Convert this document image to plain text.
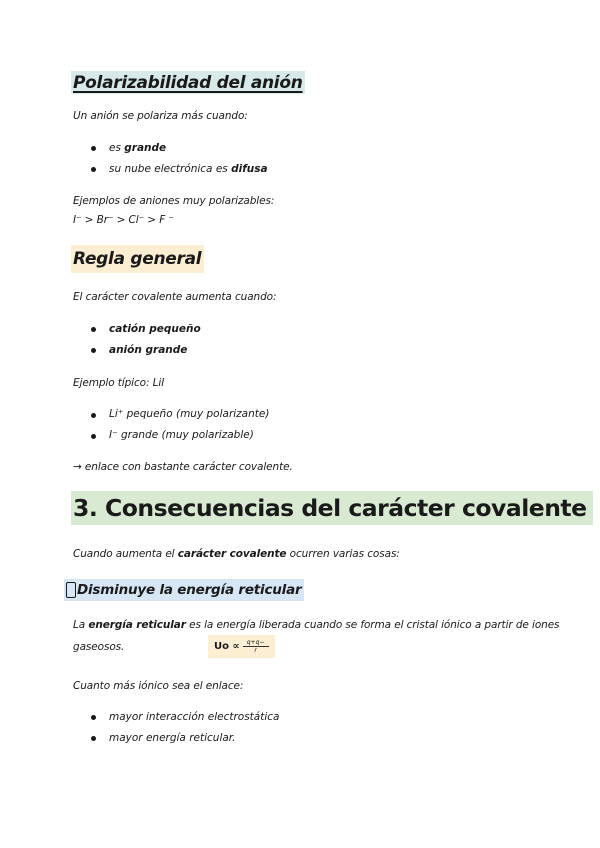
Polarizabilidad del anión
Un anión se polariza más cuando:
es grande
su nube electrónica es difusa
Ejemplos de aniones muy polarizables:
I⁻ > Br⁻ > Cl⁻ > F ⁻
Regla general
El carácter covalente aumenta cuando:
catión pequeño
anión grande
Ejemplo típico: LiI
Li⁺ pequeño (muy polarizante)
I⁻ grande (muy polarizable)
→ enlace con bastante carácter covalente.
3. Consecuencias del carácter covalente
Cuando aumenta el carácter covalente ocurren varias cosas:
Disminuye la energía reticular
La energía reticular es la energía liberada cuando se forma el cristal iónico a partir de iones
gaseosos.	$Uo \propto \frac{q+q-}{r}$
Cuanto más iónico sea el enlace:
mayor interacción electrostática
mayor energía reticular.
